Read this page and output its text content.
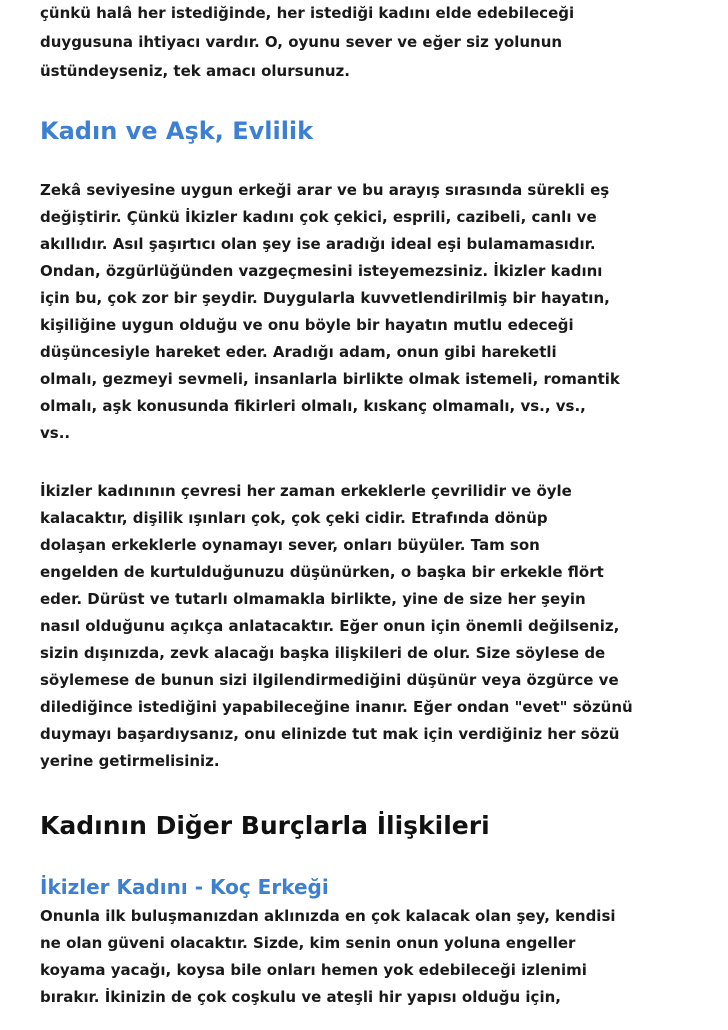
çünkü halâ her istediğinde, her istediği kadını elde edebileceği

duygusuna ihtiyacı vardır. O, oyunu sever ve eğer siz yolunun

üstündeyseniz, tek amacı olursunuz.

Kadın ve Aşk, Evlilik

Zekâ seviyesine uygun erkeği arar ve bu arayış sırasında sürekli eş

değiştirir. Çünkü İkizler kadını çok çekici, esprili, cazibeli, canlı ve

akıllıdır. Asıl şaşırtıcı olan şey ise aradığı ideal eşi bulamamasıdır.

Ondan, özgürlüğünden vazgeçmesini isteyemezsiniz. İkizler kadını

için bu, çok zor bir şeydir. Duygularla kuvvetlendirilmiş bir hayatın,

kişiliğine uygun olduğu ve onu böyle bir hayatın mutlu edeceği

düşüncesiyle hareket eder. Aradığı adam, onun gibi hareketli

olmalı, gezmeyi sevmeli, insanlarla birlikte olmak istemeli, romantik

olmalı, aşk konusunda fikirleri olmalı, kıskanç olmamalı, vs., vs.,

vs..

İkizler kadınının çevresi her zaman erkeklerle çevrilidir ve öyle

kalacaktır, dişilik ışınları çok, çok çeki cidir. Etrafında dönüp

dolaşan erkeklerle oynamayı sever, onları büyüler. Tam son

engelden de kurtulduğunuzu düşünürken, o başka bir erkekle flört

eder. Dürüst ve tutarlı olmamakla birlikte, yine de size her şeyin

nasıl olduğunu açıkça anlatacaktır. Eğer onun için önemli değilseniz,

sizin dışınızda, zevk alacağı başka ilişkileri de olur. Size söylese de

söylemese de bunun sizi ilgilendirmediğini düşünür veya özgürce ve

dilediğince istediğini yapabileceğine inanır. Eğer ondan "evet" sözünü

duymayı başardıysanız, onu elinizde tut mak için verdiğiniz her sözü

yerine getirmelisiniz.

Kadının Diğer Burçlarla İlişkileri
İkizler Kadını - Koç Erkeği

Onunla ilk buluşmanızdan aklınızda en çok kalacak olan şey, kendisi

ne olan güveni olacaktır. Sizde, kim senin onun yoluna engeller

koyama yacağı, koysa bile onları hemen yok edebileceği izlenimi

bırakır. İkinizin de çok coşkulu ve ateşli hir yapısı olduğu için,
